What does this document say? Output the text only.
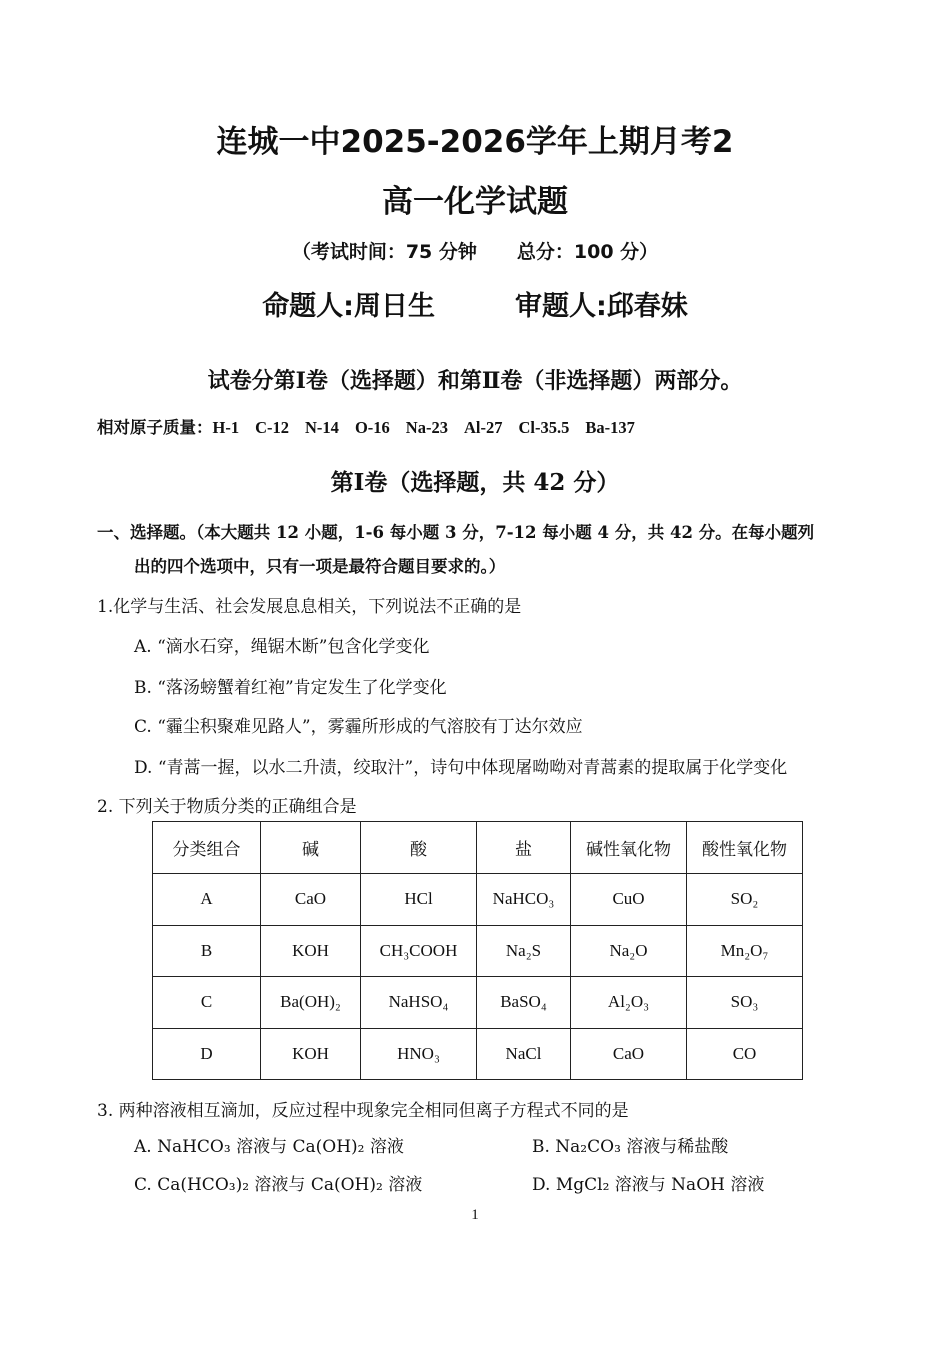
连城一中2025-2026学年上期月考2
高一化学试题
（考试时间：75 分钟 总分：100 分）
命题人:周日生	审题人:邱春妹
试卷分第Ⅰ卷（选择题）和第Ⅱ卷（非选择题）两部分。
相对原子质量：H-1 C-12 N-14 O-16 Na-23 Al-27 Cl-35.5 Ba-137
第Ⅰ卷（选择题，共 42 分）
一、选择题。（本大题共 12 小题，1-6 每小题 3 分，7-12 每小题 4 分，共 42 分。在每小题列
出的四个选项中，只有一项是最符合题目要求的。）
1.化学与生活、社会发展息息相关，下列说法不正确的是
A. “滴水石穿，绳锯木断”包含化学变化
B. “落汤螃蟹着红袍”肯定发生了化学变化
C. “霾尘积聚难见路人”，雾霾所形成的气溶胶有丁达尔效应
D. “青蒿一握，以水二升渍，绞取汁”，诗句中体现屠呦呦对青蒿素的提取属于化学变化
2. 下列关于物质分类的正确组合是
分类组合	碱	酸	盐	碱性氧化物	酸性氧化物
A	CaO	HCl	NaHCO₃	CuO	SO₂
B	KOH	CH₃COOH	Na₂S	Na₂O	Mn₂O₇
C	Ba(OH)₂	NaHSO₄	BaSO₄	Al₂O₃	SO₃
D	KOH	HNO₃	NaCl	CaO	CO
3. 两种溶液相互滴加，反应过程中现象完全相同但离子方程式不同的是
A. NaHCO₃ 溶液与 Ca(OH)₂ 溶液	B. Na₂CO₃ 溶液与稀盐酸
C. Ca(HCO₃)₂ 溶液与 Ca(OH)₂ 溶液	D. MgCl₂ 溶液与 NaOH 溶液
1
